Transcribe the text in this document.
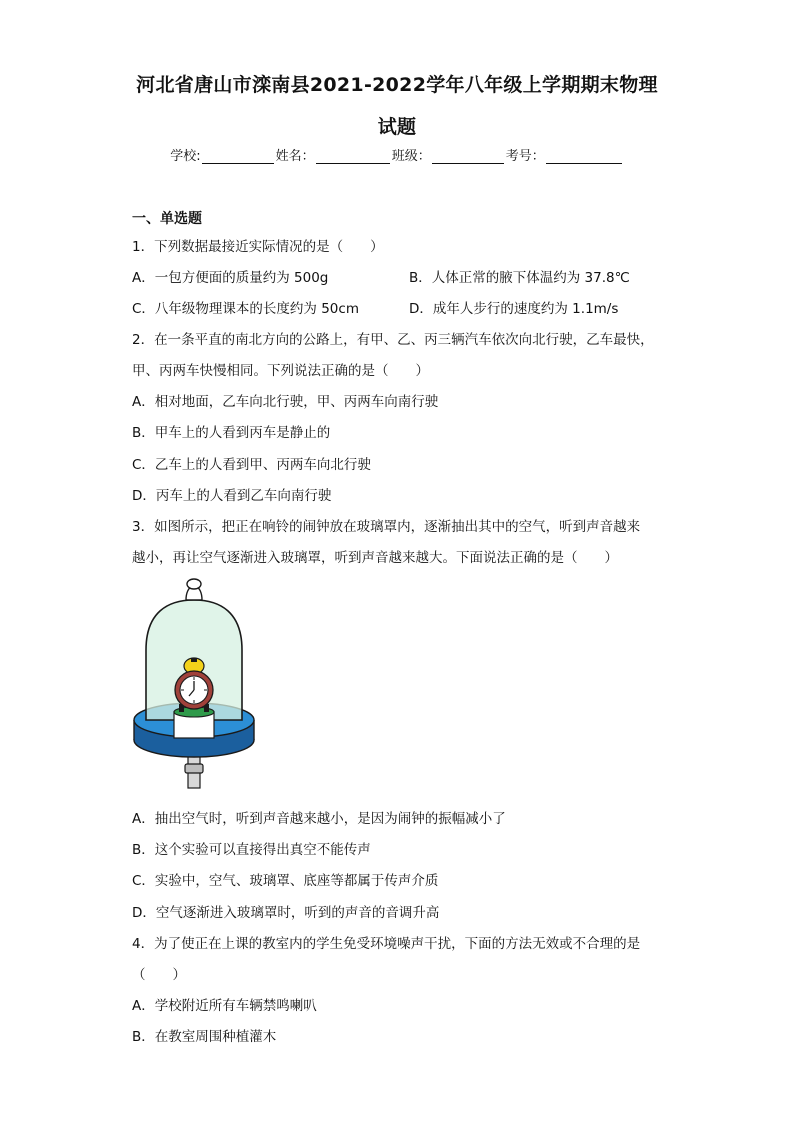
河北省唐山市滦南县2021-2022学年八年级上学期期末物理
试题
学校:	姓名：	班级：	考号：
一、单选题
1．下列数据最接近实际情况的是（　　）
A．一包方便面的质量约为 500g	B．人体正常的腋下体温约为 37.8℃
C．八年级物理课本的长度约为 50cm	D．成年人步行的速度约为 1.1m/s
2．在一条平直的南北方向的公路上，有甲、乙、丙三辆汽车依次向北行驶，乙车最快，
甲、丙两车快慢相同。下列说法正确的是（　　）
A．相对地面，乙车向北行驶，甲、丙两车向南行驶
B．甲车上的人看到丙车是静止的
C．乙车上的人看到甲、丙两车向北行驶
D．丙车上的人看到乙车向南行驶
3．如图所示，把正在响铃的闹钟放在玻璃罩内，逐渐抽出其中的空气，听到声音越来
越小，再让空气逐渐进入玻璃罩，听到声音越来越大。下面说法正确的是（　　）
A．抽出空气时，听到声音越来越小，是因为闹钟的振幅减小了
B．这个实验可以直接得出真空不能传声
C．实验中，空气、玻璃罩、底座等都属于传声介质
D．空气逐渐进入玻璃罩时，听到的声音的音调升高
4．为了使正在上课的教室内的学生免受环境噪声干扰，下面的方法无效或不合理的是
（　　）
A．学校附近所有车辆禁鸣喇叭
B．在教室周围种植灌木
